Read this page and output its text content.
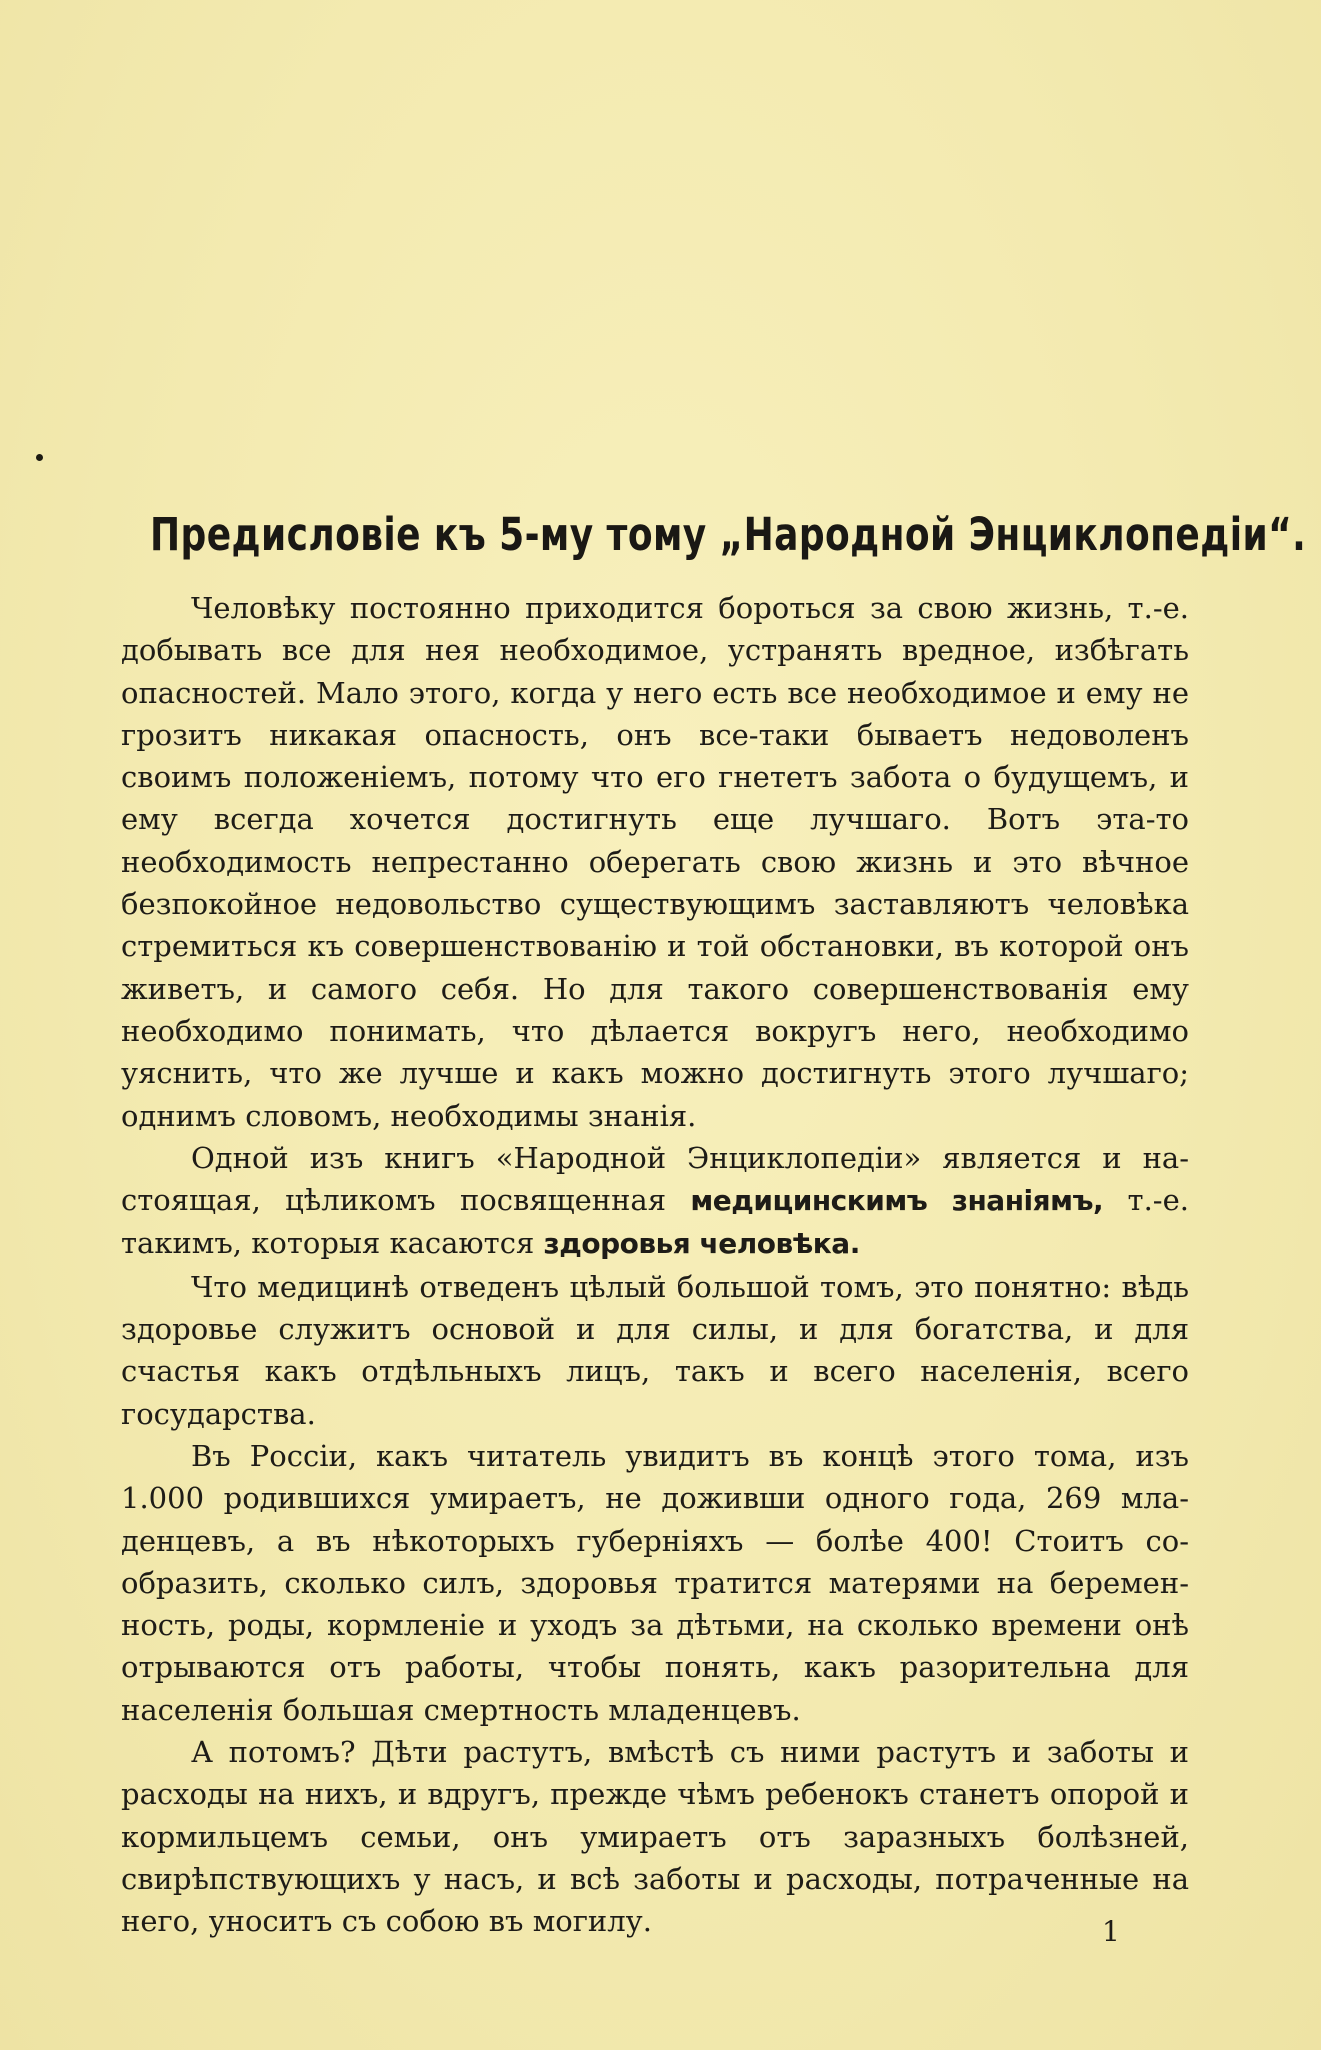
Предисловіе къ 5-му тому „Народной Энциклопедіи“.

Человѣку постоянно приходится бороться за свою жизнь, т.-е. добывать все для нея необходимое, устранять вредное, избѣгать опасностей. Мало этого, когда у него есть все необходимое и ему не грозитъ никакая опасность, онъ все-таки бываетъ недоволенъ своимъ положеніемъ, потому что его гнететъ забота о будущемъ, и ему всегда хочется достигнуть еще лучшаго. Вотъ эта-то необходимость непрестанно оберегать свою жизнь и это вѣчное безпокойное недовольство существующимъ заставляютъ человѣка стремиться къ совершенствованію и той обстановки, въ которой онъ живетъ, и самого себя. Но для такого совершенствованія ему необходимо понимать, что дѣлается вокругъ него, необходимо уяснить, что же лучше и какъ можно достигнуть этого лучшаго; однимъ словомъ, необходимы знанія.

Одной изъ книгъ «Народной Энциклопедіи» является и настоящая, цѣликомъ посвященная медицинскимъ знаніямъ, т.-е. такимъ, которыя касаются здоровья человѣка.

Что медицинѣ отведенъ цѣлый большой томъ, это понятно: вѣдь здоровье служитъ основой и для силы, и для богатства, и для счастья какъ отдѣльныхъ лицъ, такъ и всего населенія, всего государства.

Въ Россіи, какъ читатель увидитъ въ концѣ этого тома, изъ 1.000 родившихся умираетъ, не доживши одного года, 269 младенцевъ, а въ нѣкоторыхъ губерніяхъ — болѣе 400! Стоитъ сообразить, сколько силъ, здоровья тратится матерями на беременность, роды, кормленіе и уходъ за дѣтьми, на сколько времени онѣ отрываются отъ работы, чтобы понять, какъ разорительна для населенія большая смертность младенцевъ.

А потомъ? Дѣти растутъ, вмѣстѣ съ ними растутъ и заботы и расходы на нихъ, и вдругъ, прежде чѣмъ ребенокъ станетъ опорой и кормильцемъ семьи, онъ умираетъ отъ заразныхъ болѣзней, свирѣпствующихъ у насъ, и всѣ заботы и расходы, потраченные на него, уноситъ съ собою въ могилу.	1
